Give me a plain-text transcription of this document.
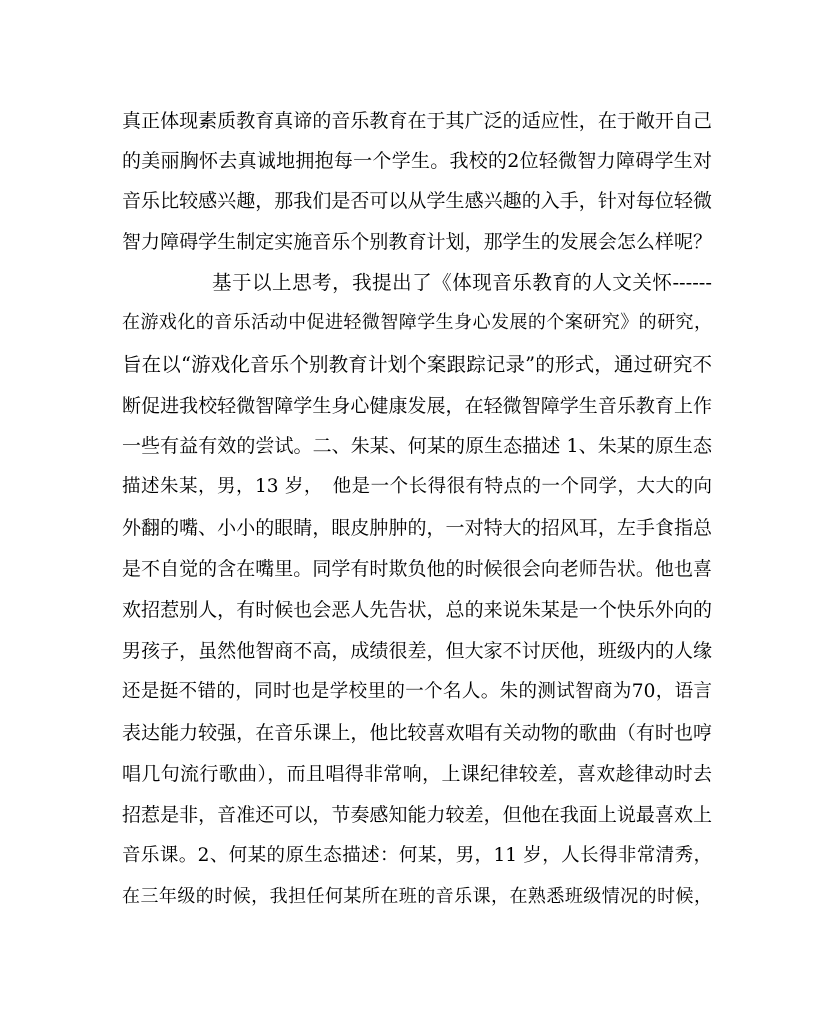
真正体现素质教育真谛的音乐教育在于其广泛的适应性，在于敞开自己
的美丽胸怀去真诚地拥抱每一个学生。我校的2位轻微智力障碍学生对
音乐比较感兴趣，那我们是否可以从学生感兴趣的入手，针对每位轻微
智力障碍学生制定实施音乐个别教育计划，那学生的发展会怎么样呢？
基于以上思考，我提出了《体现音乐教育的人文关怀------
在游戏化的音乐活动中促进轻微智障学生身心发展的个案研究》的研究，
旨在以“游戏化音乐个别教育计划个案跟踪记录”的形式，通过研究不
断促进我校轻微智障学生身心健康发展，在轻微智障学生音乐教育上作
一些有益有效的尝试。二、朱某、何某的原生态描述 1、朱某的原生态
描述朱某，男，13 岁，　他是一个长得很有特点的一个同学，大大的向
外翻的嘴、小小的眼睛，眼皮肿肿的，一对特大的招风耳，左手食指总
是不自觉的含在嘴里。同学有时欺负他的时候很会向老师告状。他也喜
欢招惹别人，有时候也会恶人先告状，总的来说朱某是一个快乐外向的
男孩子，虽然他智商不高，成绩很差，但大家不讨厌他，班级内的人缘
还是挺不错的，同时也是学校里的一个名人。朱的测试智商为70，语言
表达能力较强，在音乐课上，他比较喜欢唱有关动物的歌曲（有时也哼
唱几句流行歌曲），而且唱得非常响，上课纪律较差，喜欢趁律动时去
招惹是非，音准还可以，节奏感知能力较差，但他在我面上说最喜欢上
音乐课。2、何某的原生态描述：何某，男，11 岁，人长得非常清秀，
在三年级的时候，我担任何某所在班的音乐课，在熟悉班级情况的时候，
